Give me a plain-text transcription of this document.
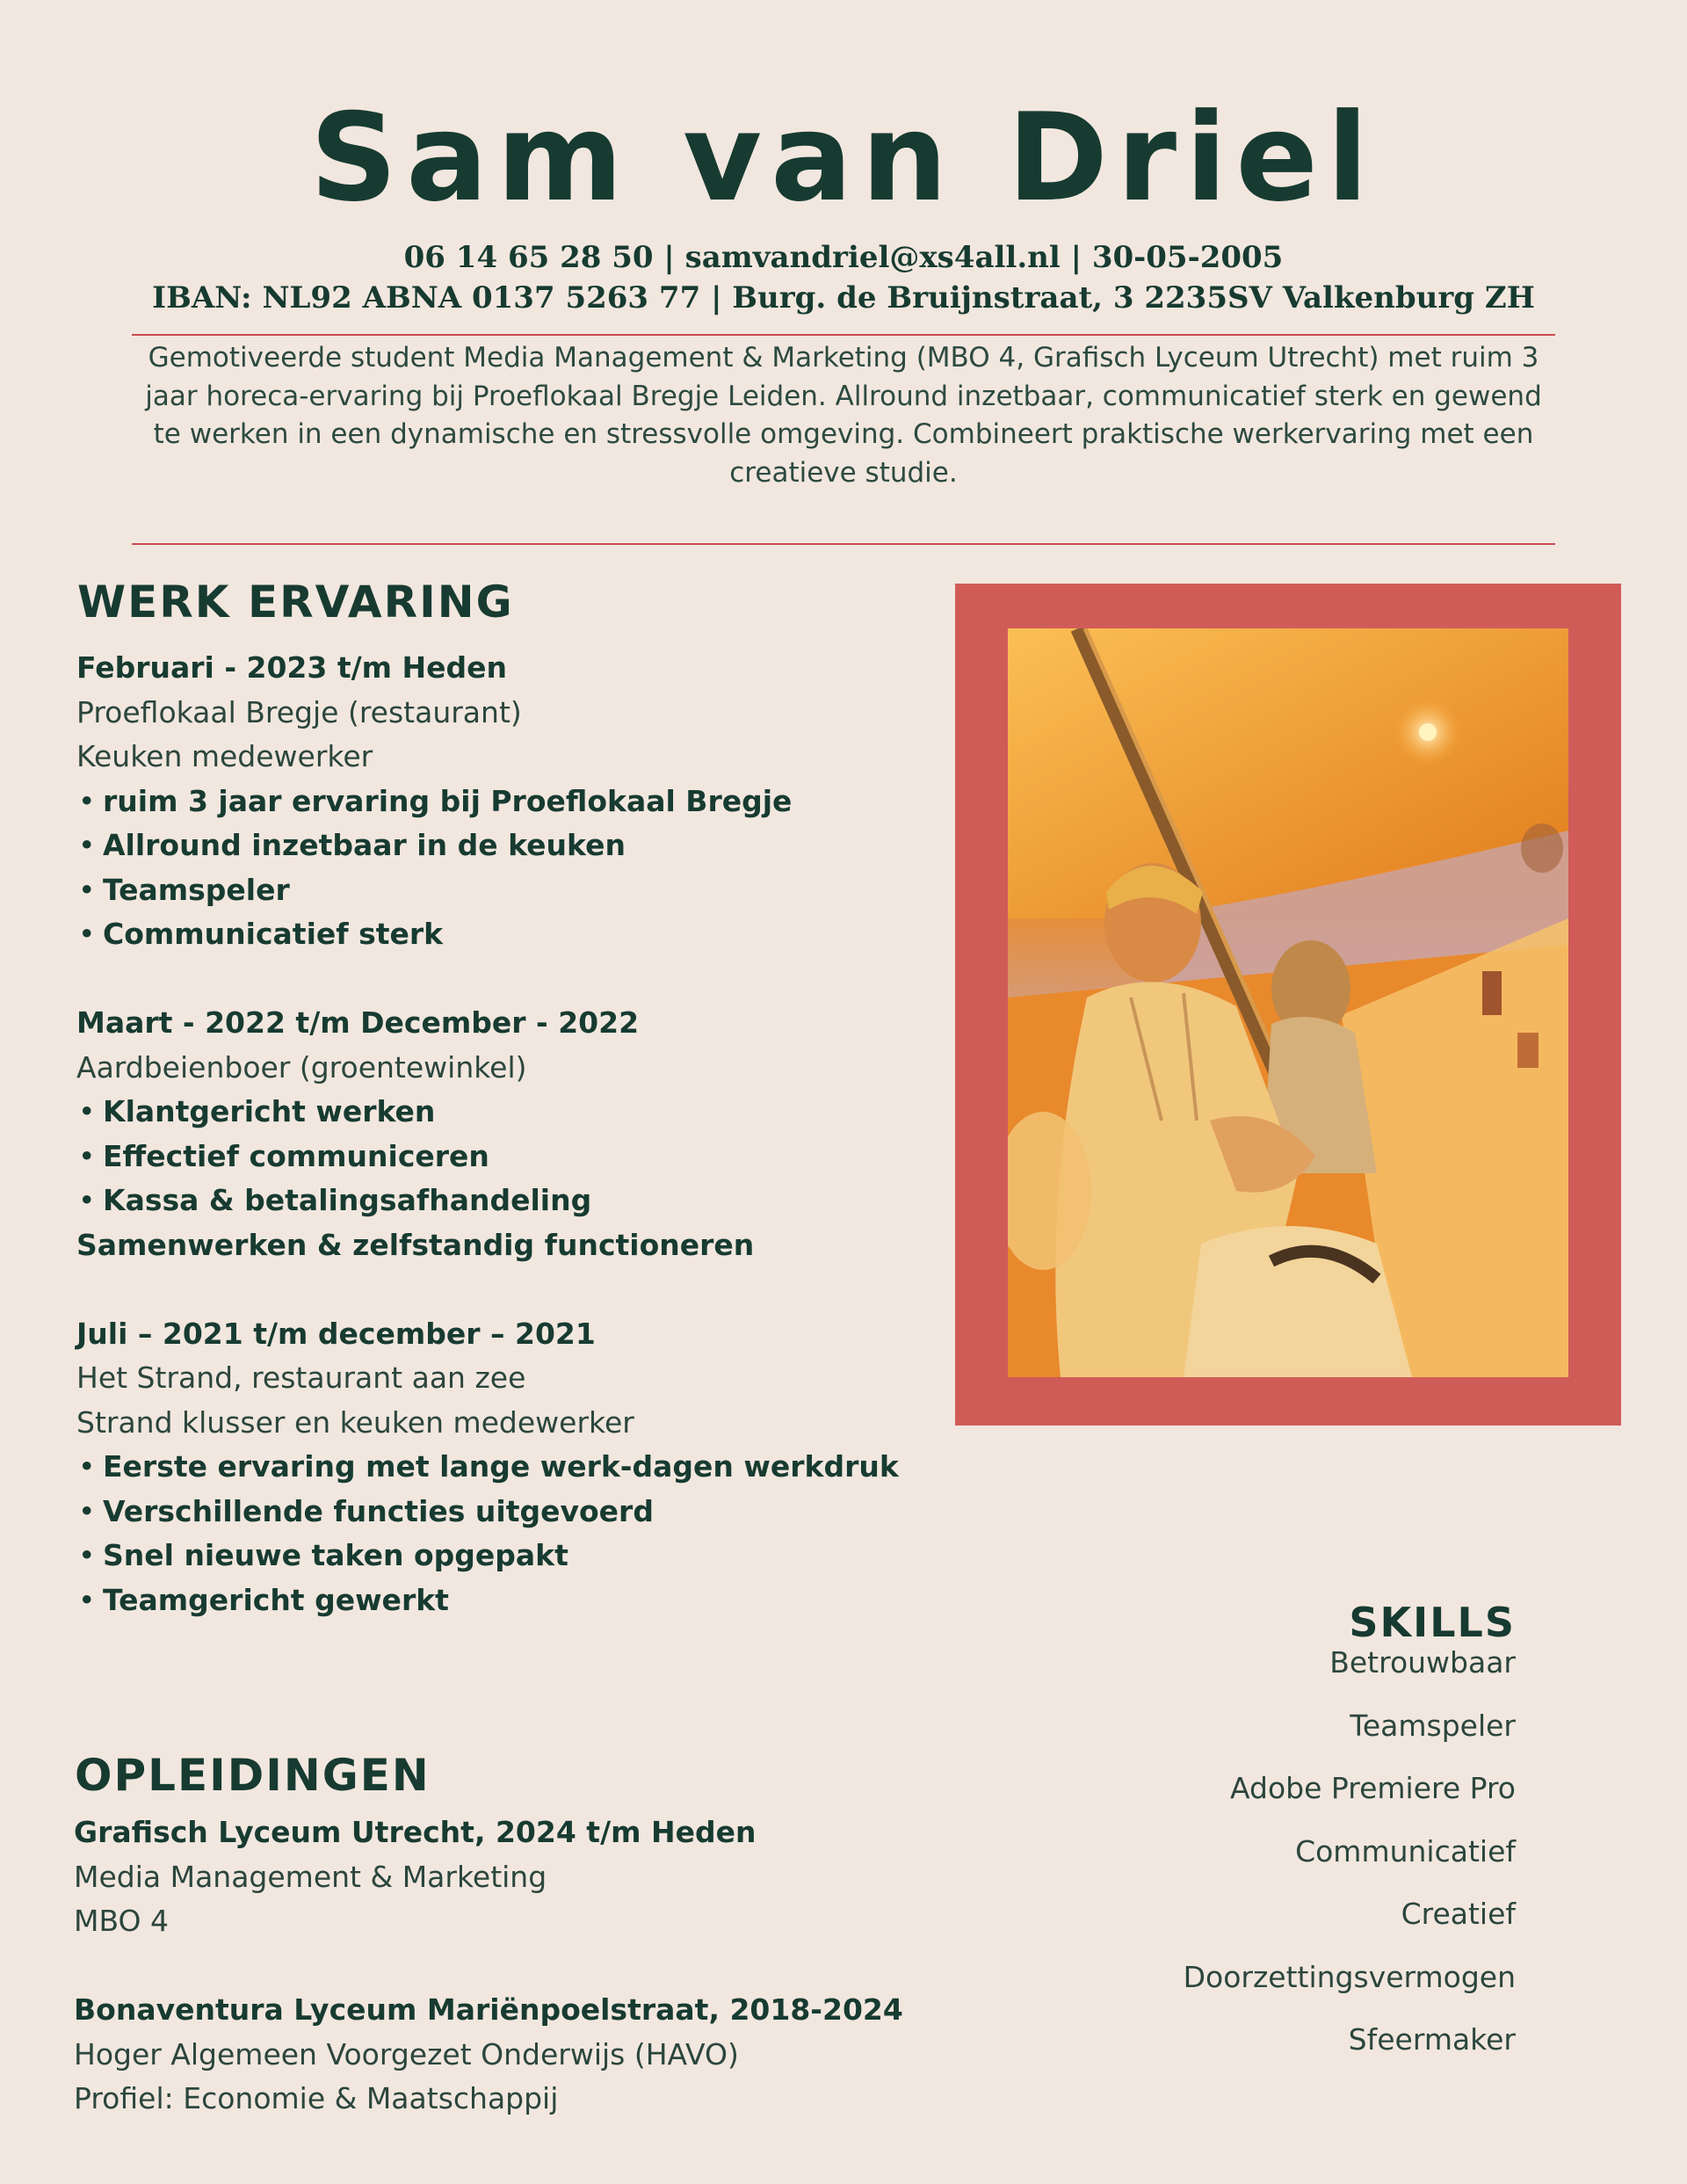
Sam van Driel
06 14 65 28 50 | samvandriel@xs4all.nl | 30-05-2005
IBAN: NL92 ABNA 0137 5263 77 | Burg. de Bruijnstraat, 3 2235SV Valkenburg ZH
Gemotiveerde student Media Management & Marketing (MBO 4, Grafisch Lyceum Utrecht) met ruim 3 jaar horeca-ervaring bij Proeflokaal Bregje Leiden. Allround inzetbaar, communicatief sterk en gewend te werken in een dynamische en stressvolle omgeving. Combineert praktische werkervaring met een creatieve studie.
WERK ERVARING
Februari - 2023 t/m Heden
Proeflokaal Bregje (restaurant)
Keuken medewerker
• ruim 3 jaar ervaring bij Proeflokaal Bregje
• Allround inzetbaar in de keuken
• Teamspeler
• Communicatief sterk
Maart - 2022 t/m December - 2022
Aardbeienboer (groentewinkel)
• Klantgericht werken
• Effectief communiceren
• Kassa & betalingsafhandeling
Samenwerken & zelfstandig functioneren
Juli – 2021 t/m december – 2021
Het Strand, restaurant aan zee
Strand klusser en keuken medewerker
• Eerste ervaring met lange werk-dagen werkdruk
• Verschillende functies uitgevoerd
• Snel nieuwe taken opgepakt
• Teamgericht gewerkt
OPLEIDINGEN
Grafisch Lyceum Utrecht, 2024 t/m Heden
Media Management & Marketing
MBO 4
Bonaventura Lyceum Mariënpoelstraat, 2018-2024
Hoger Algemeen Voorgezet Onderwijs (HAVO)
Profiel: Economie & Maatschappij
SKILLS
Betrouwbaar
Teamspeler
Adobe Premiere Pro
Communicatief
Creatief
Doorzettingsvermogen
Sfeermaker
